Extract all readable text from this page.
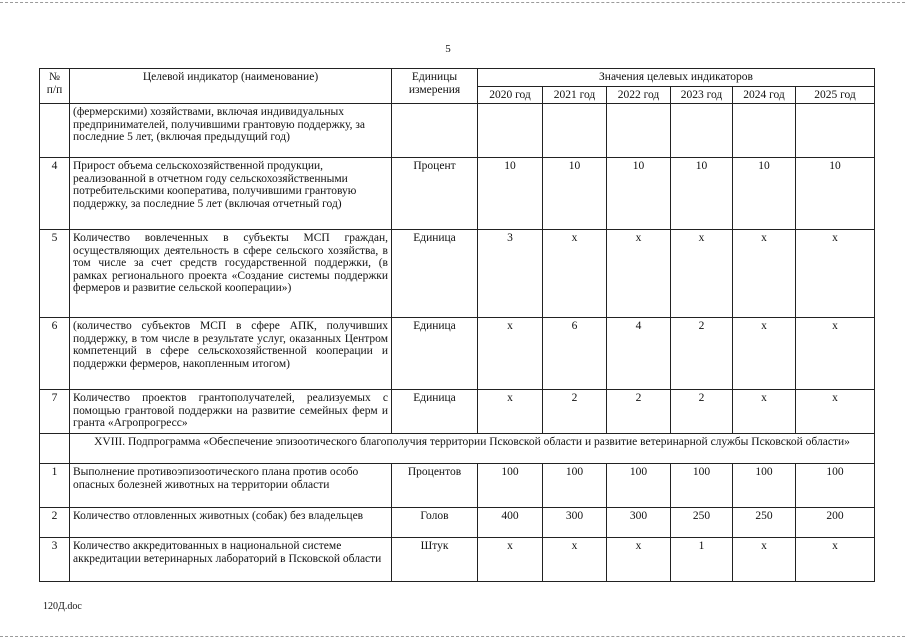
5
№ п/п	Целевой индикатор (наименование)	Единицы измерения	Значения целевых индикаторов					
			2020 год	2021 год	2022 год	2023 год	2024 год	2025 год
	(фермерскими) хозяйствами, включая индивидуальных предпринимателей, получившими грантовую поддержку, за последние 5 лет, (включая предыдущий год)							
4	Прирост объема сельскохозяйственной продукции, реализованной в отчетном году сельскохозяйственными потребительскими кооператива, получившими грантовую поддержку, за последние 5 лет (включая отчетный год)	Процент	10	10	10	10	10	10
5	Количество вовлеченных в субъекты МСП граждан, осуществляющих деятельность в сфере сельского хозяйства, в том числе за счет средств государственной поддержки, (в рамках регионального проекта «Создание системы поддержки фермеров и развитие сельской кооперации»)	Единица	3	x	x	x	x	x
6	(количество субъектов МСП в сфере АПК, получивших поддержку, в том числе в результате услуг, оказанных Центром компетенций в сфере сельскохозяйственной кооперации и поддержки фермеров, накопленным итогом)	Единица	x	6	4	2	x	x
7	Количество проектов грантополучателей, реализуемых с помощью грантовой поддержки на развитие семейных ферм и гранта «Агропрогресс»	Единица	x	2	2	2	x	x
	XVIII. Подпрограмма «Обеспечение эпизоотического благополучия территории Псковской области и развитие ветеринарной службы Псковской области»							
1	Выполнение противоэпизоотического плана против особо опасных болезней животных на территории области	Процентов	100	100	100	100	100	100
2	Количество отловленных животных (собак) без владельцев	Голов	400	300	300	250	250	200
3	Количество аккредитованных в национальной системе аккредитации ветеринарных лабораторий в Псковской области	Штук	x	x	x	1	x	x
120Д.doc
